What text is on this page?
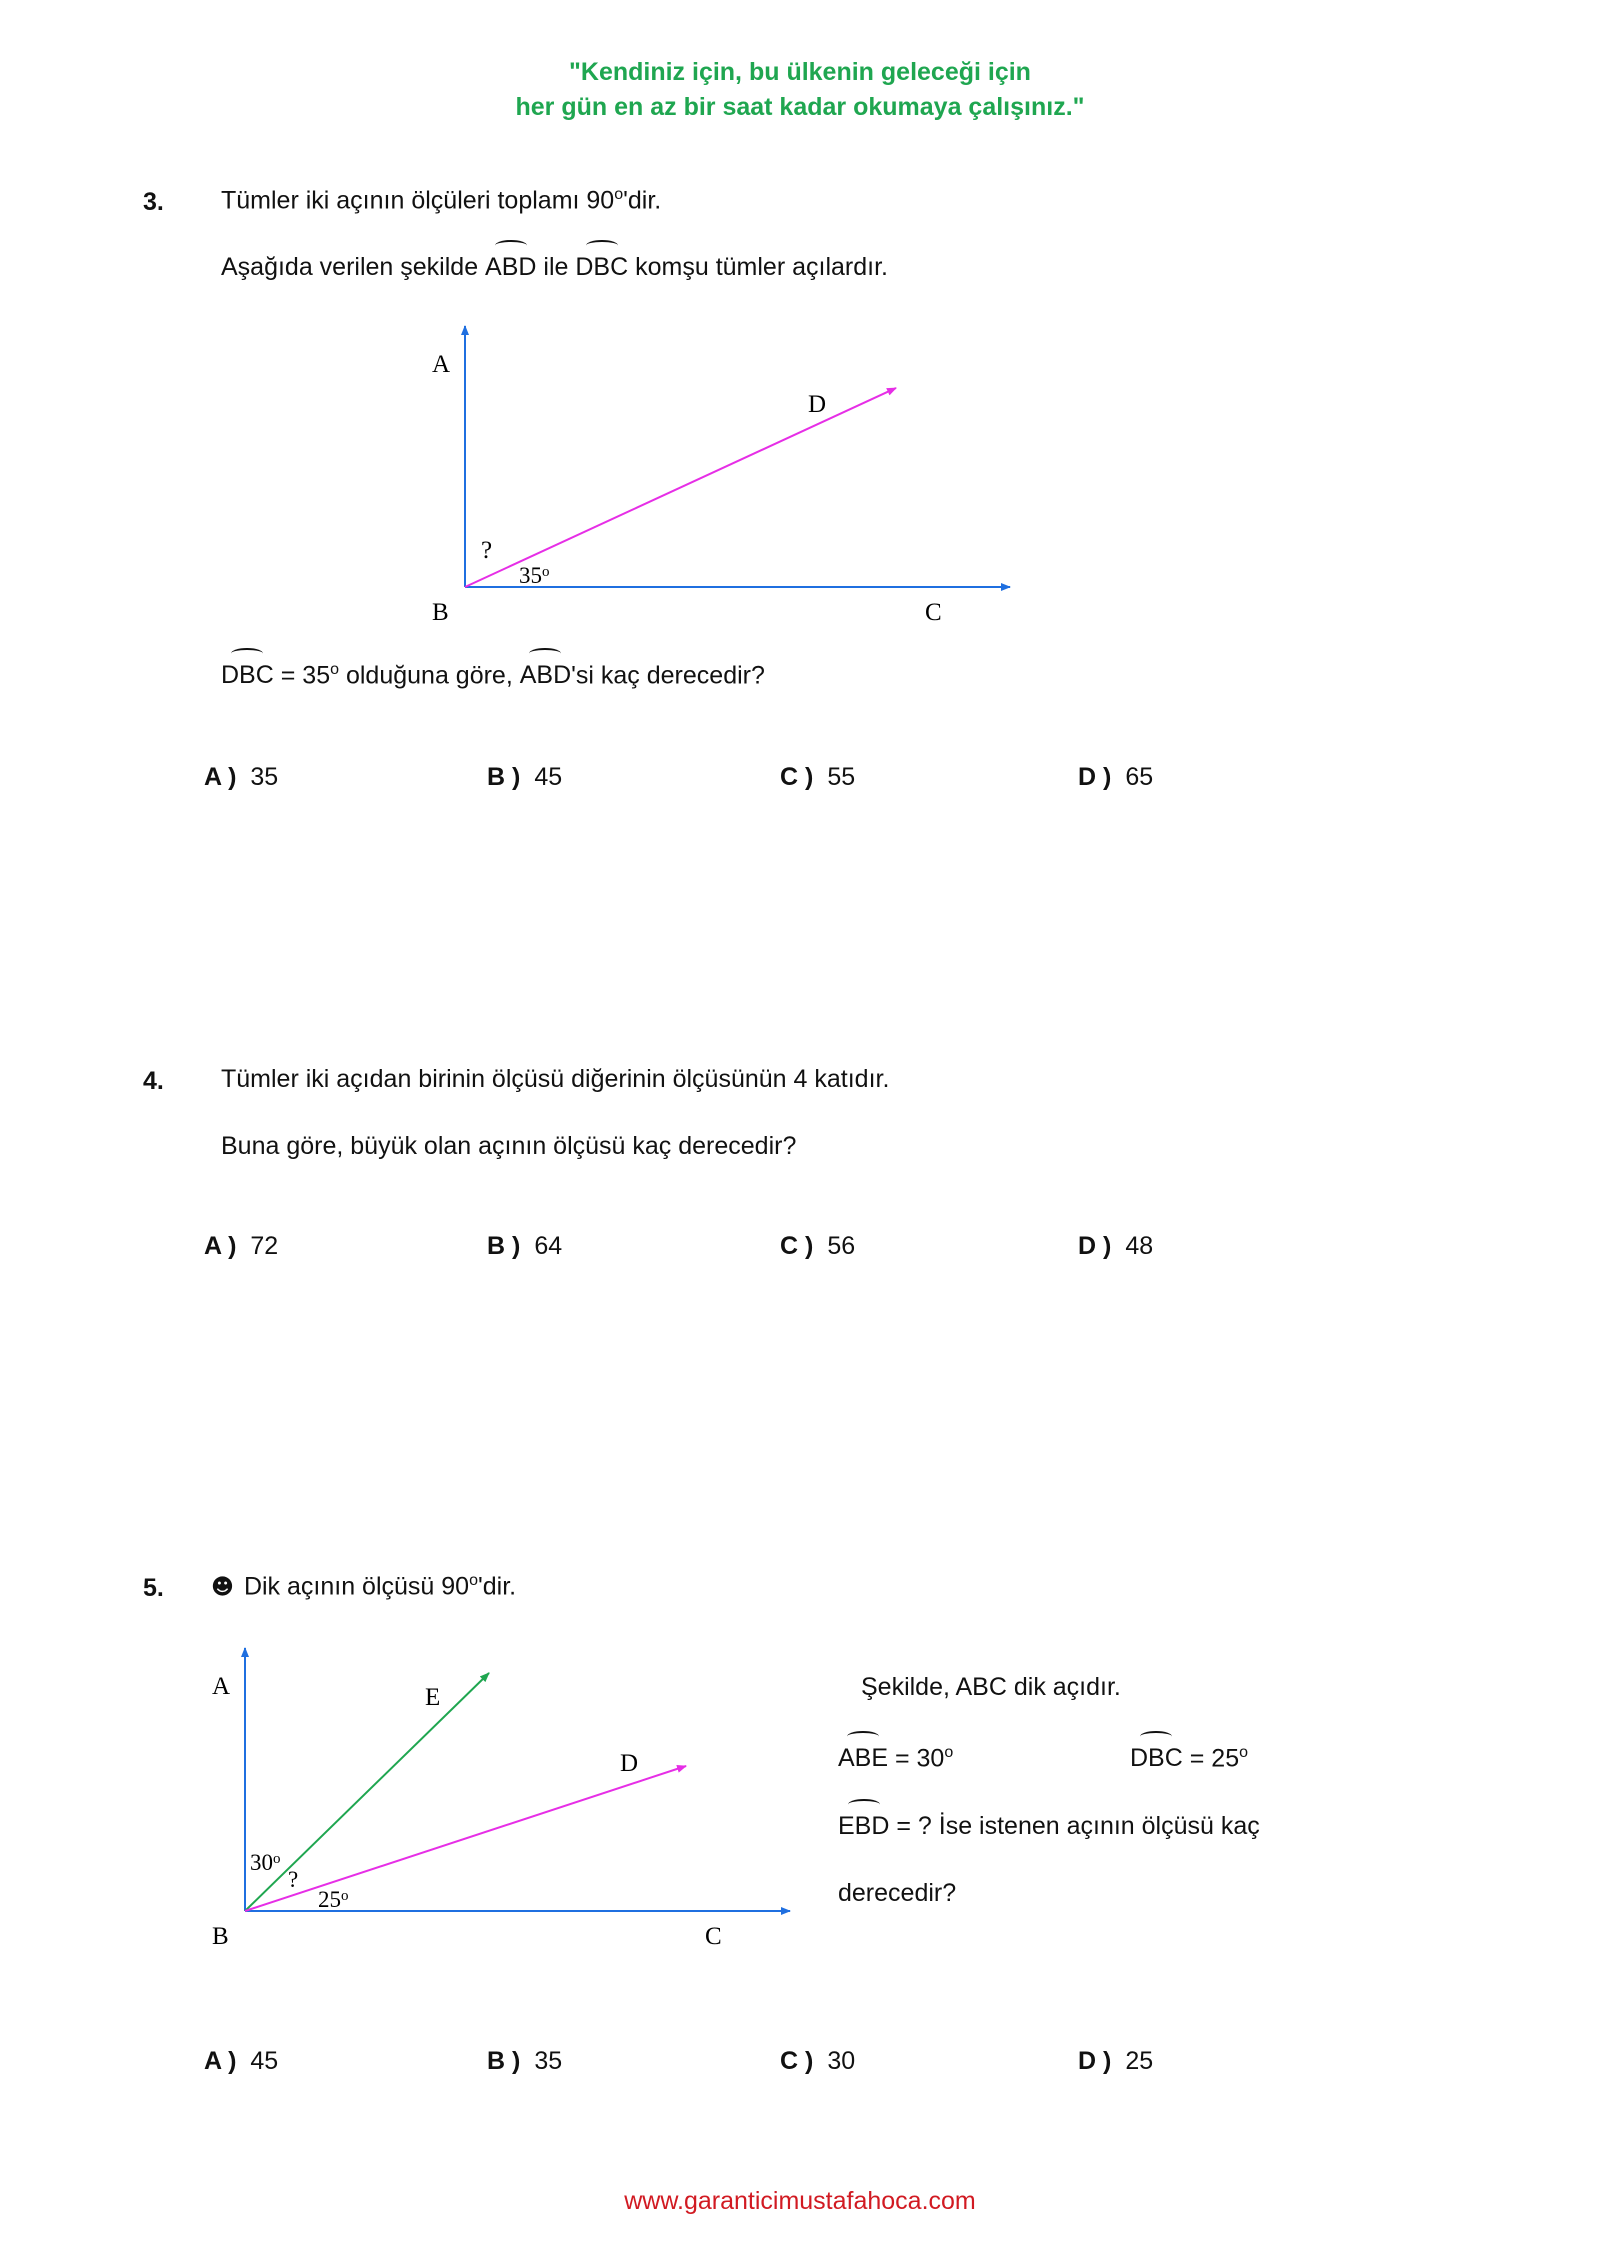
"Kendiniz için, bu ülkenin geleceği için
her gün en az bir saat kadar okumaya çalışınız."
3. Tümler iki açının ölçüleri toplamı 90$^o$'dir.
Aşağıda verilen şekilde ABD ile DBC komşu tümler açılardır.
A
D
?
35$^o$
B	C
A	E
D
30$^o$
?
25$^o$
B	C
DBC = $35^o$ olduğuna göre, ABD'si kaç derecedir?
A ) 35	B ) 45	C ) 55	D ) 65
4. Tümler iki açıdan birinin ölçüsü diğerinin ölçüsünün 4 katıdır.
Buna göre, büyük olan açının ölçüsü kaç derecedir?
A ) 72	B ) 64	C ) 56	D ) 48
5. ☻ Dik açının ölçüsü 90$^o$'dir.
Şekilde, ABC dik açıdır.
ABE = $30^o$	DBC = $25^o$
EBD = ? İse istenen açının ölçüsü kaç
derecedir?
A ) 45	B ) 35	C ) 30	D ) 25
www.garanticimustafahoca.com
